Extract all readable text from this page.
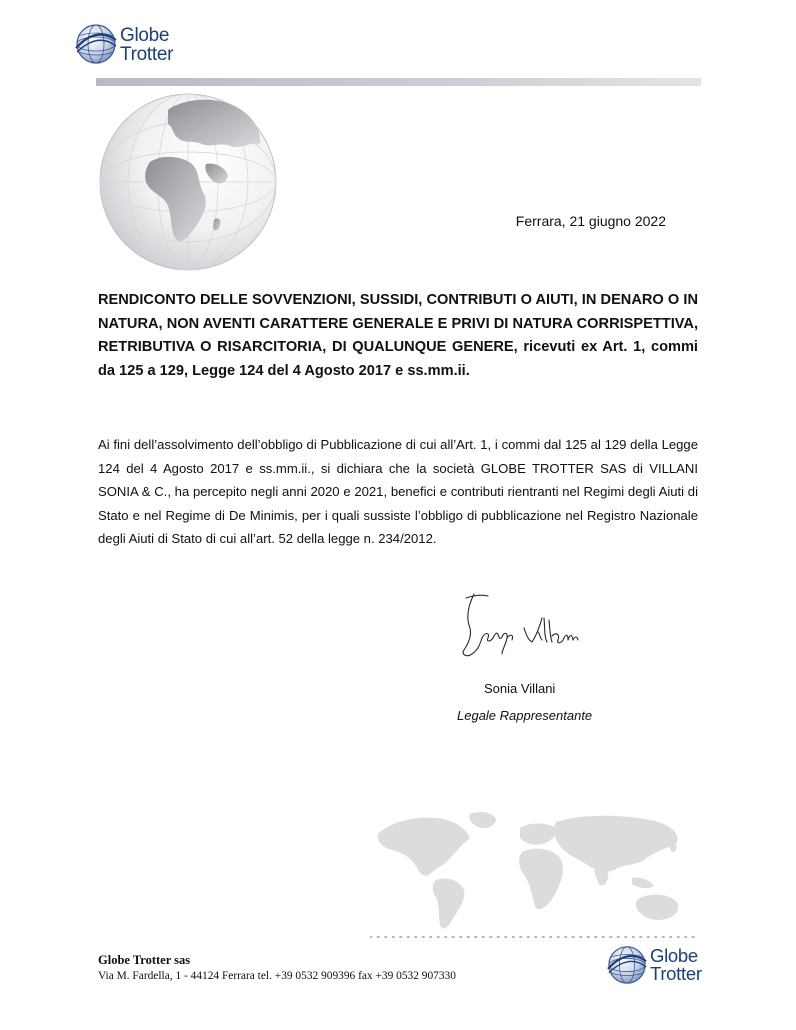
Globe
Trotter
Ferrara, 21 giugno 2022
RENDICONTO DELLE SOVVENZIONI, SUSSIDI, CONTRIBUTI O AIUTI, IN DENARO O IN NATURA, NON AVENTI CARATTERE GENERALE E PRIVI DI NATURA CORRISPETTIVA, RETRIBUTIVA O RISARCITORIA, DI QUALUNQUE GENERE, ricevuti ex Art. 1, commi da 125 a 129, Legge 124 del 4 Agosto 2017 e ss.mm.ii.
Ai fini dell’assolvimento dell’obbligo di Pubblicazione di cui all’Art. 1, i commi dal 125 al 129 della Legge 124 del 4 Agosto 2017 e ss.mm.ii., si dichiara che la società GLOBE TROTTER SAS di VILLANI SONIA & C., ha percepito negli anni 2020 e 2021, benefici e contributi rientranti nel Regimi degli Aiuti di Stato e nel Regime di De Minimis, per i quali sussiste l’obbligo di pubblicazione nel Registro Nazionale degli Aiuti di Stato di cui all’art. 52 della legge n. 234/2012.
Sonia Villani
Legale Rappresentante
Globe Trotter sas
Via M. Fardella, 1 - 44124 Ferrara tel. +39 0532 909396 fax +39 0532 907330
Globe
Trotter
